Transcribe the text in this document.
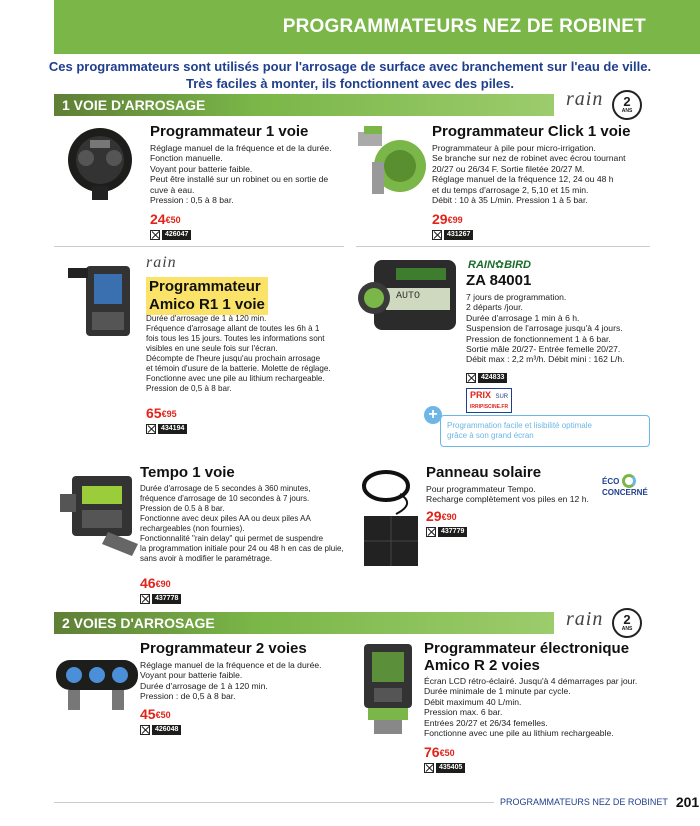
PROGRAMMATEURS NEZ DE ROBINET
Ces programmateurs sont utilisés pour l'arrosage de surface avec branchement sur l'eau de ville.
Très faciles à monter, ils fonctionnent avec des piles.
1 VOIE D'ARROSAGE	rain 2
ANS
Programmateur 1 voie
Réglage manuel de la fréquence et de la durée.
Fonction manuelle.
Voyant pour batterie faible.
Peut être installé sur un robinet ou en sortie de
cuve à eau.
Pression : 0,5 à 8 bar.
$24^{€50}$
426047
Programmateur Click 1 voie
Programmateur à pile pour micro-irrigation.
Se branche sur nez de robinet avec écrou tournant
20/27 ou 26/34 F. Sortie filetée 20/27 M.
Réglage manuel de la fréquence 12, 24 ou 48 h
et du temps d'arrosage 2, 5,10 et 15 min.
Débit : 10 à 35 L/min. Pression 1 à 5 bar.
$29^{€99}$
431267
rain
Programmateur
Amico R1 1 voie
Durée d'arrosage de 1 à 120 min.
Fréquence d'arrosage allant de toutes les 6h à 1
fois tous les 15 jours. Toutes les informations sont
visibles en une seule fois sur l'écran.
Décompte de l'heure jusqu'au prochain arrosage
et témoin d'usure de la batterie. Molette de réglage.
Fonctionne avec une pile au lithium rechargeable.
Pression de 0,5 à 8 bar.
$65^{€95}$
434194
AUTO
RAIN✿BIRD
ZA 84001
7 jours de programmation.
2 départs /jour.
Durée d'arrosage 1 min à 6 h.
Suspension de l'arrosage jusqu'à 4 jours.
Pression de fonctionnement 1 à 6 bar.
Sortie mâle 20/27- Entrée femelle 20/27.
Débit max : 2,2 m³/h. Débit mini : 162 L/h.
424833
PRIX SUR
IRRIPISCINE.FR
+
Programmation facile et lisibilité optimale
grâce à son grand écran
Tempo 1 voie
Durée d'arrosage de 5 secondes à 360 minutes,
fréquence d'arrosage de 10 secondes à 7 jours.
Pression de 0.5 à 8 bar.
Fonctionne avec deux piles AA ou deux piles AA
rechargeables (non fournies).
Fonctionnalité "rain delay" qui permet de suspendre
la programmation initiale pour 24 ou 48 h en cas de pluie,
sans avoir à modifier le paramétrage.
$46^{€90}$
437778
Panneau solaire
Pour programmateur Tempo.
Recharge complètement vos piles en 12 h.
$29^{€90}$
437779
ÉCO
CONCERNÉ
2 VOIES D'ARROSAGE	rain 2
ANS
Programmateur 2 voies
Réglage manuel de la fréquence et de la durée.
Voyant pour batterie faible.
Durée d'arrosage de 1 à 120 min.
Pression : de 0,5 à 8 bar.
$45^{€50}$
426048
Programmateur électronique
Amico R 2 voies
Écran LCD rétro-éclairé. Jusqu'à 4 démarrages par jour.
Durée minimale de 1 minute par cycle.
Débit maximum 40 L/min.
Pression max. 6 bar.
Entrées 20/27 et 26/34 femelles.
Fonctionne avec une pile au lithium rechargeable.
$76^{€50}$
435405
PROGRAMMATEURS NEZ DE ROBINET 201
